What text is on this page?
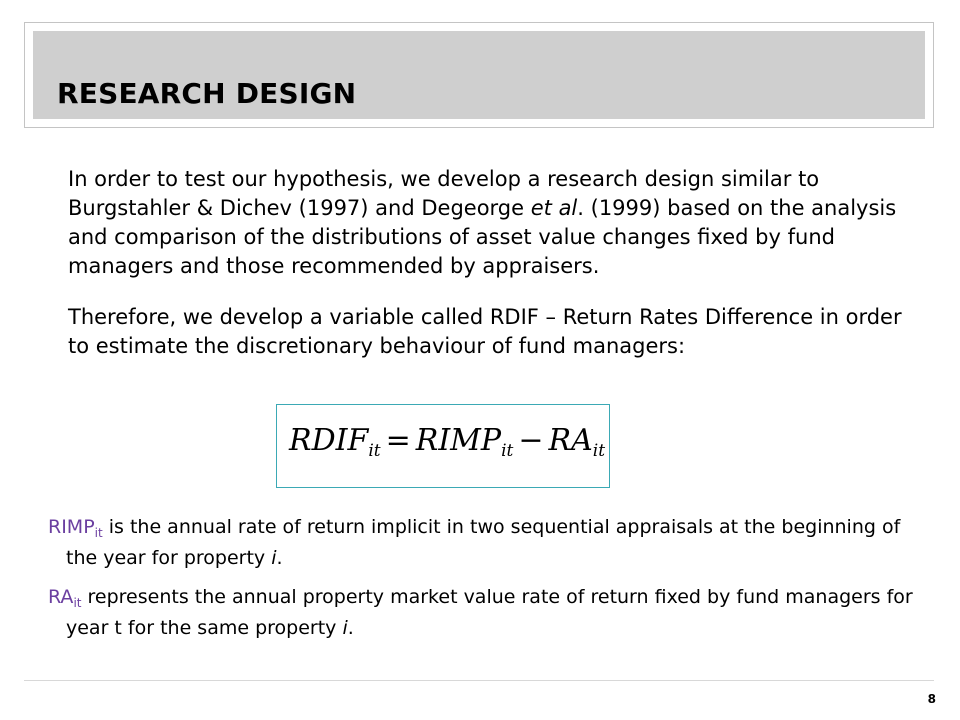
RESEARCH DESIGN

In order to test our hypothesis, we develop a research design similar to Burgstahler & Dichev (1997) and Degeorge et al. (1999) based on the analysis and comparison of the distributions of asset value changes fixed by fund managers and those recommended by appraisers.

Therefore, we develop a variable called RDIF – Return Rates Difference in order to estimate the discretionary behaviour of fund managers:

$RDIF_{it}$ = $RIMP_{it} - RA_{it}$

$RIMP_{it}$ is the annual rate of return implicit in two sequential appraisals at the beginning of the year for property i.

$RA_{it}$ represents the annual property market value rate of return fixed by fund managers for year t for the same property i.

8
